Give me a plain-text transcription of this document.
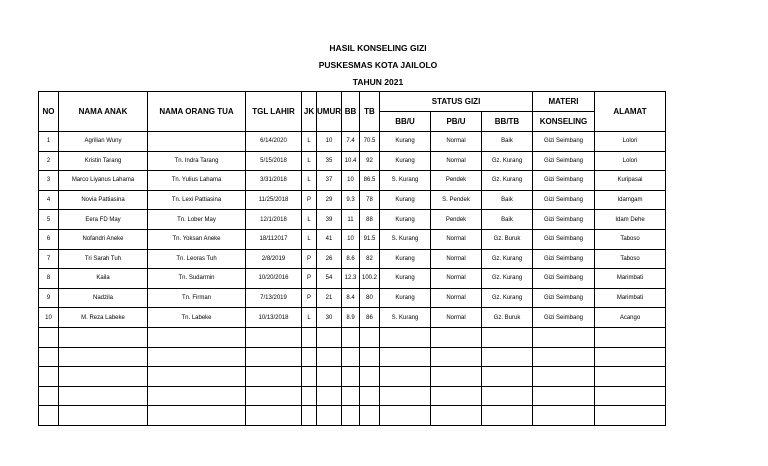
HASIL KONSELING GIZI
PUSKESMAS KOTA JAILOLO
TAHUN 2021
NO	NAMA ANAK	NAMA ORANG TUA	TGL LAHIR	JK	UMUR	BB	TB	STATUS GIZI			MATERI	ALAMAT
								BB/U	PB/U	BB/TB	KONSELING	
1	Agrilian Wuny		6/14/2020	L	10	7.4	70.5	Kurang	Normal	Baik	Gizi Seimbang	Lolori
2	Kristin Tarang	Tn. Indra Tarang	5/15/2018	L	35	10.4	92	Kurang	Normal	Gz. Kurang	Gizi Seimbang	Lolori
3	Marco Liyanus Lahama	Tn. Yulius Lahama	3/31/2018	L	37	10	86.5	S. Kurang	Pendek	Gz. Kurang	Gizi Seimbang	Kuripasai
4	Novia Pattiasina	Tn. Lexi Pattiasina	11/25/2018	P	29	9.3	78	Kurang	S. Pendek	Baik	Gizi Seimbang	Idamgam
5	Eera FD May	Tn. Lober May	12/1/2018	L	39	11	88	Kurang	Pendek	Baik	Gizi Seimbang	Idam Dehe
6	Nofandri Aneke	Tn. Yoksan Aneke	18/112017	L	41	10	91.5	S. Kurang	Normal	Gz. Buruk	Gizi Seimbang	Taboso
7	Tri Sarah Tuh	Tn. Leoras Tuh	2/8/2019	P	26	8.6	82	Kurang	Normal	Gz. Kurang	Gizi Seimbang	Taboso
8	Kaila	Tn. Sudarmin	10/20/2016	P	54	12.3	100.2	Kurang	Normal	Gz. Kurang	Gizi Seimbang	Marimbati
9	Nadzila	Tn. Firman	7/13/2019	P	21	8.4	80	Kurang	Normal	Gz. Kurang	Gizi Seimbang	Marimbati
10	M. Reza Labeke	Tn. Labeke	10/13/2018	L	30	8.9	86	S. Kurang	Normal	Gz. Buruk	Gizi Seimbang	Acango
